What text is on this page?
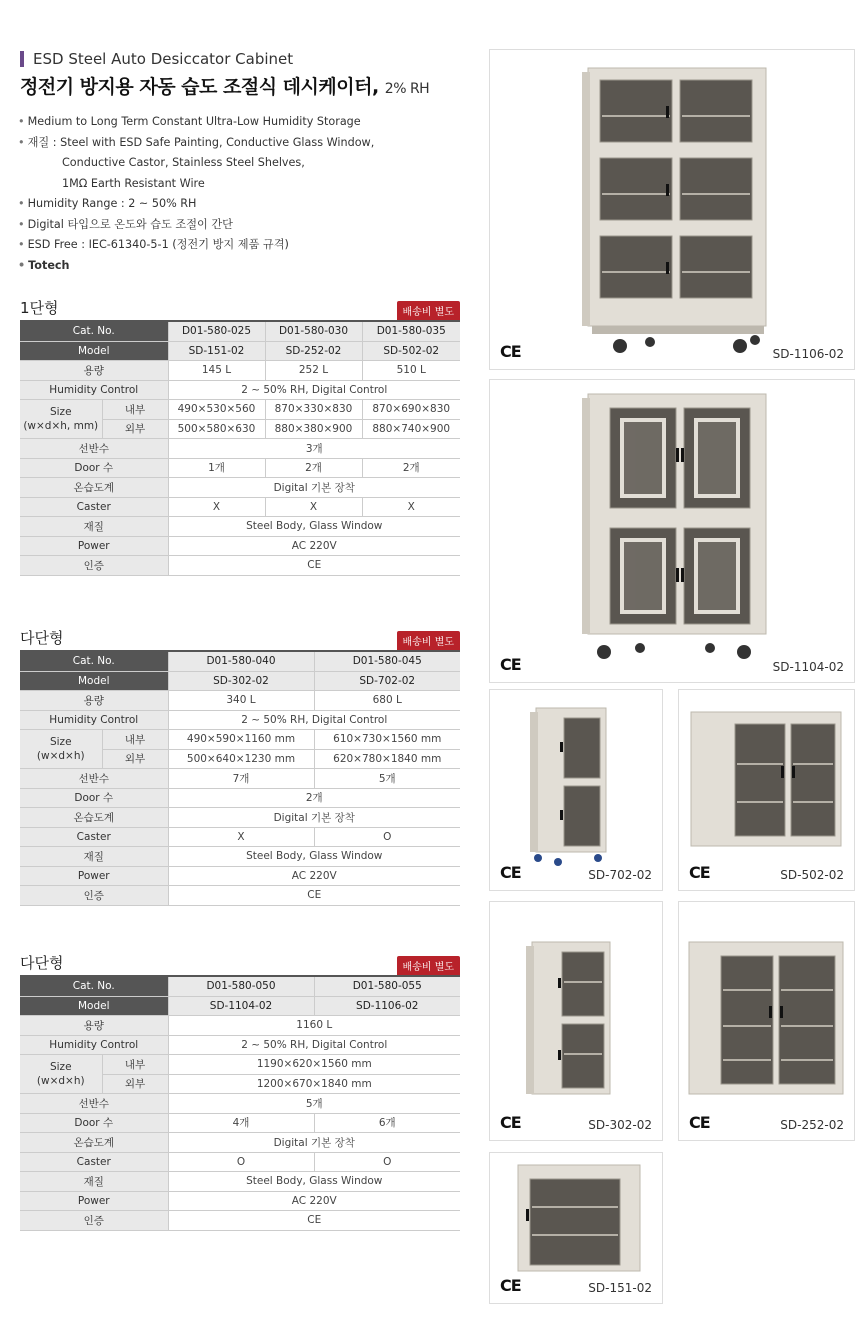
ESD Steel Auto Desiccator Cabinet
정전기 방지용 자동 습도 조절식 데시케이터, 2% RH
• Medium to Long Term Constant Ultra-Low Humidity Storage
• 재질 : Steel with ESD Safe Painting, Conductive Glass Window,
Conductive Castor, Stainless Steel Shelves,
1MΩ Earth Resistant Wire
• Humidity Range : 2 ~ 50% RH
• Digital 타입으로 온도와 습도 조절이 간단
• ESD Free : IEC-61340-5-1 (정전기 방지 제품 규격)
• Totech
1단형	배송비 별도
Cat. No.		D01-580-025	D01-580-030	D01-580-035
Model		SD-151-02	SD-252-02	SD-502-02
용량		145 L	252 L	510 L
Humidity Control		2 ~ 50% RH, Digital Control		
Size
(w×d×h, mm)	내부	490×530×560	870×330×830	870×690×830
	외부	500×580×630	880×380×900	880×740×900
선반수		3개		
Door 수		1개	2개	2개
온습도계		Digital 기본 장착		
Caster		X	X	X
재질		Steel Body, Glass Window		
Power		AC 220V		
인증		CE		
다단형	배송비 별도
Cat. No.		D01-580-040	D01-580-045
Model		SD-302-02	SD-702-02
용량		340 L	680 L
Humidity Control		2 ~ 50% RH, Digital Control	
Size
(w×d×h)	내부	490×590×1160 mm	610×730×1560 mm
	외부	500×640×1230 mm	620×780×1840 mm
선반수		7개	5개
Door 수		2개	
온습도계		Digital 기본 장착	
Caster		X	O
재질		Steel Body, Glass Window	
Power		AC 220V	
인증		CE	
다단형	배송비 별도
Cat. No.		D01-580-050	D01-580-055
Model		SD-1104-02	SD-1106-02
용량		1160 L	
Humidity Control		2 ~ 50% RH, Digital Control	
Size
(w×d×h)	내부	1190×620×1560 mm	
	외부	1200×670×1840 mm	
선반수		5개	
Door 수		4개	6개
온습도계		Digital 기본 장착	
Caster		O	O
재질		Steel Body, Glass Window	
Power		AC 220V	
인증		CE	
CE	SD-1106-02
CE	SD-1104-02
CE	SD-702-02 CE	SD-502-02
CE	SD-302-02 CE	SD-252-02
CE	SD-151-02
